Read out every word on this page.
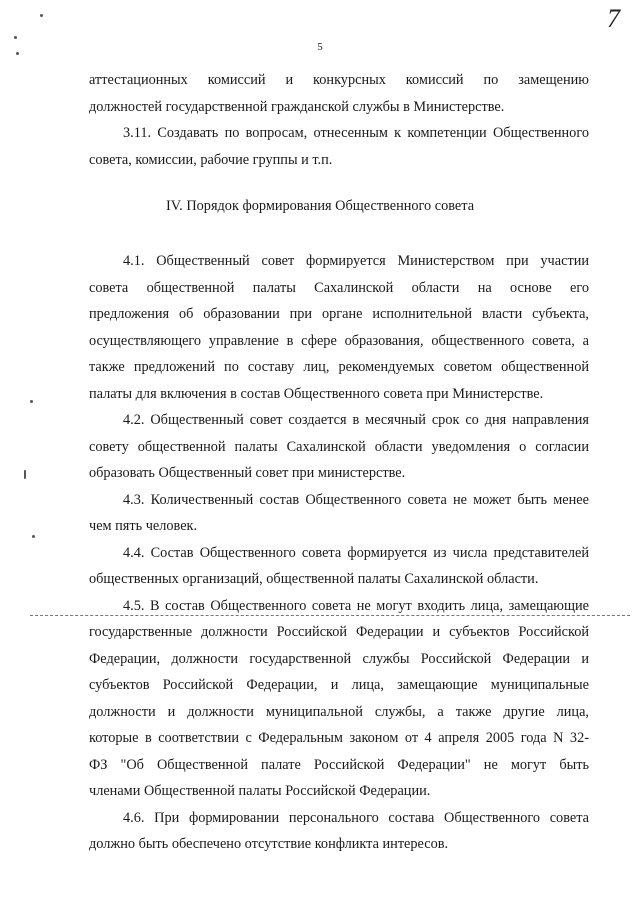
7
5
аттестационных комиссий и конкурсных комиссий по замещению
должностей государственной гражданской службы в Министерстве.
3.11. Создавать по вопросам, отнесенным к компетенции Общественного
совета, комиссии, рабочие группы и т.п.
IV. Порядок формирования Общественного совета
4.1. Общественный совет формируется Министерством при участии
совета общественной палаты Сахалинской области на основе его
предложения об образовании при органе исполнительной власти субъекта,
осуществляющего управление в сфере образования, общественного совета, а
также предложений по составу лиц, рекомендуемых советом общественной
палаты для включения в состав Общественного совета при Министерстве.
4.2. Общественный совет создается в месячный срок со дня направления
совету общественной палаты Сахалинской области уведомления о согласии
образовать Общественный совет при министерстве.
4.3. Количественный состав Общественного совета не может быть менее
чем пять человек.
4.4. Состав Общественного совета формируется из числа представителей
общественных организаций, общественной палаты Сахалинской области.
4.5. В состав Общественного совета не могут входить лица, замещающие
государственные должности Российской Федерации и субъектов Российской
Федерации, должности государственной службы Российской Федерации и
субъектов Российской Федерации, и лица, замещающие муниципальные
должности и должности муниципальной службы, а также другие лица,
которые в соответствии с Федеральным законом от 4 апреля 2005 года N 32-
ФЗ "Об Общественной палате Российской Федерации" не могут быть
членами Общественной палаты Российской Федерации.
4.6. При формировании персонального состава Общественного совета
должно быть обеспечено отсутствие конфликта интересов.
